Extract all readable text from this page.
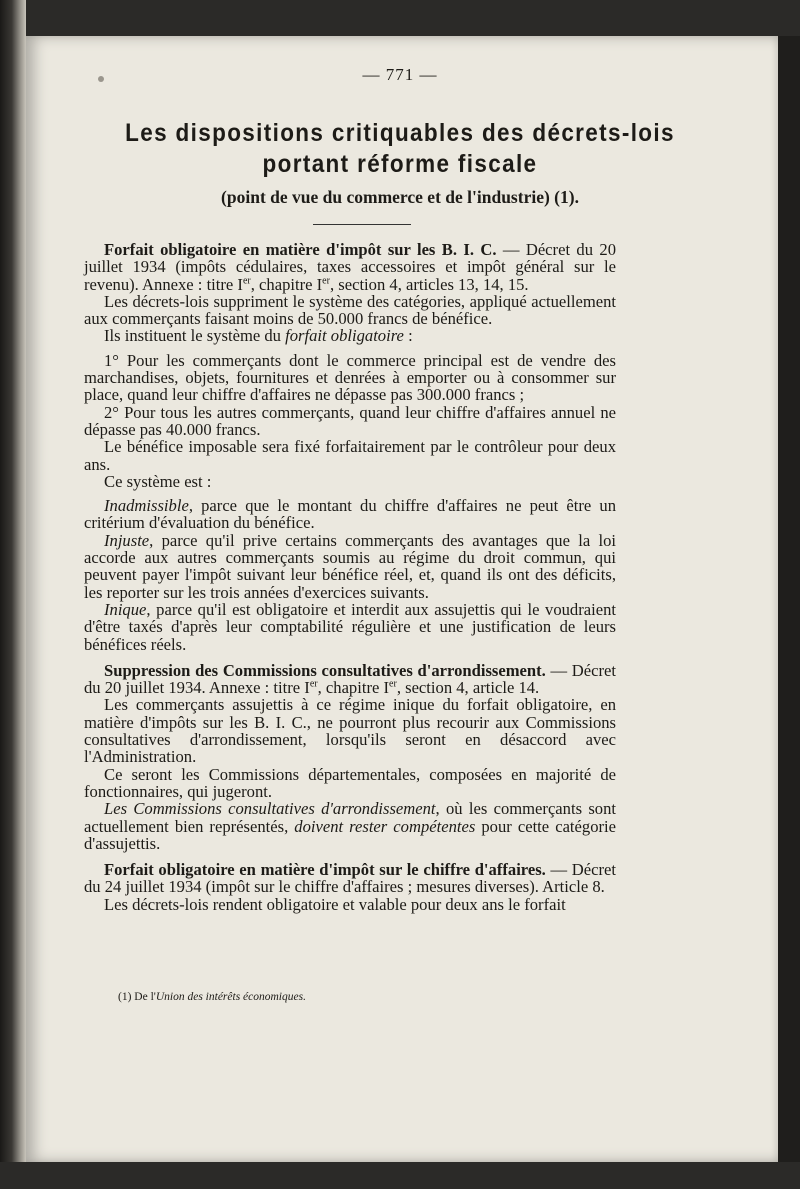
— 771 —
Les dispositions critiquables des décrets-lois
portant réforme fiscale
(point de vue du commerce et de l'industrie) (1).

Forfait obligatoire en matière d'impôt sur les B. I. C. — Décret du 20 juillet 1934 (impôts cédulaires, taxes accessoires et impôt général sur le revenu). Annexe : titre Ier, chapitre Ier, section 4, articles 13, 14, 15.

Les décrets-lois suppriment le système des catégories, appliqué actuellement aux commerçants faisant moins de 50.000 francs de bénéfice.

Ils instituent le système du forfait obligatoire :

1° Pour les commerçants dont le commerce principal est de vendre des marchandises, objets, fournitures et denrées à emporter ou à consommer sur place, quand leur chiffre d'affaires ne dépasse pas 300.000 francs ;

2° Pour tous les autres commerçants, quand leur chiffre d'affaires annuel ne dépasse pas 40.000 francs.

Le bénéfice imposable sera fixé forfaitairement par le contrôleur pour deux ans.

Ce système est :

Inadmissible, parce que le montant du chiffre d'affaires ne peut être un critérium d'évaluation du bénéfice.

Injuste, parce qu'il prive certains commerçants des avantages que la loi accorde aux autres commerçants soumis au régime du droit commun, qui peuvent payer l'impôt suivant leur bénéfice réel, et, quand ils ont des déficits, les reporter sur les trois années d'exercices suivants.

Inique, parce qu'il est obligatoire et interdit aux assujettis qui le voudraient d'être taxés d'après leur comptabilité régulière et une justification de leurs bénéfices réels.

Suppression des Commissions consultatives d'arrondissement. — Décret du 20 juillet 1934. Annexe : titre Ier, chapitre Ier, section 4, article 14.

Les commerçants assujettis à ce régime inique du forfait obligatoire, en matière d'impôts sur les B. I. C., ne pourront plus recourir aux Commissions consultatives d'arrondissement, lorsqu'ils seront en désaccord avec l'Administration.

Ce seront les Commissions départementales, composées en majorité de fonctionnaires, qui jugeront.

Les Commissions consultatives d'arrondissement, où les commerçants sont actuellement bien représentés, doivent rester compétentes pour cette catégorie d'assujettis.

Forfait obligatoire en matière d'impôt sur le chiffre d'affaires. — Décret du 24 juillet 1934 (impôt sur le chiffre d'affaires ; mesures diverses). Article 8.

Les décrets-lois rendent obligatoire et valable pour deux ans le forfait

(1) De l'Union des intérêts économiques.
